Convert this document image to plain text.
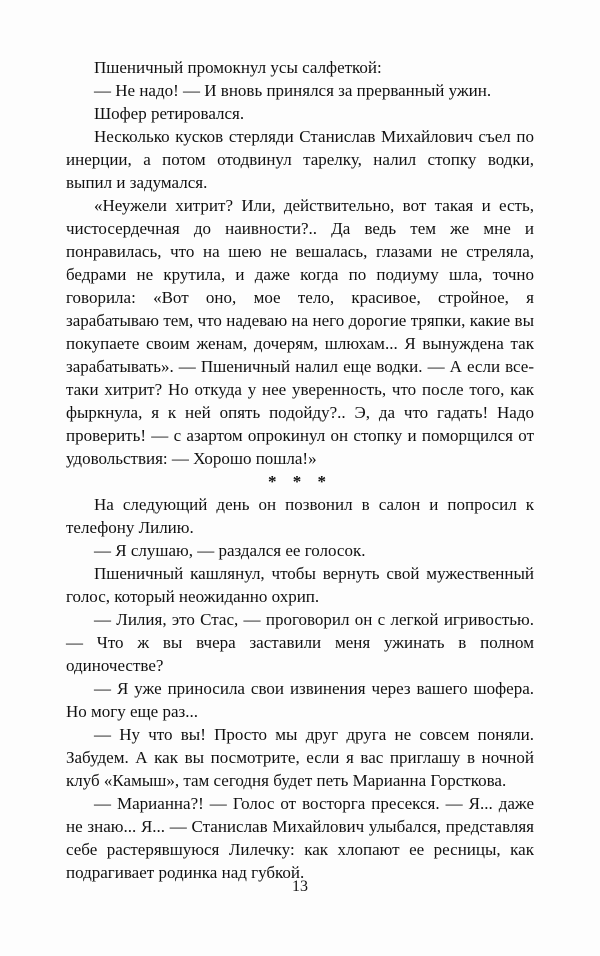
Пшеничный промокнул усы салфеткой:

— Не надо! — И вновь принялся за прерванный ужин.

Шофер ретировался.

Несколько кусков стерляди Станислав Михайлович съел по инерции, а потом отодвинул тарелку, налил стопку водки, выпил и задумался.

«Неужели хитрит? Или, действительно, вот такая и есть, чистосердечная до наивности?.. Да ведь тем же мне и понравилась, что на шею не вешалась, глазами не стреляла, бедрами не крутила, и даже когда по подиуму шла, точно говорила: «Вот оно, мое тело, красивое, стройное, я зарабатываю тем, что надеваю на него дорогие тряпки, какие вы покупаете своим женам, дочерям, шлюхам... Я вынуждена так зарабатывать». — Пшеничный налил еще водки. — А если все-таки хитрит? Но откуда у нее уверенность, что после того, как фыркнула, я к ней опять подойду?.. Э, да что гадать! Надо проверить! — с азартом опрокинул он стопку и поморщился от удовольствия: — Хорошо пошла!»

* * *

На следующий день он позвонил в салон и попросил к телефону Лилию.

— Я слушаю, — раздался ее голосок.

Пшеничный кашлянул, чтобы вернуть свой мужественный голос, который неожиданно охрип.

— Лилия, это Стас, — проговорил он с легкой игривостью. — Что ж вы вчера заставили меня ужинать в полном одиночестве?

— Я уже приносила свои извинения через вашего шофера. Но могу еще раз...

— Ну что вы! Просто мы друг друга не совсем поняли. Забудем. А как вы посмотрите, если я вас приглашу в ночной клуб «Камыш», там сегодня будет петь Марианна Горсткова.

— Марианна?! — Голос от восторга пресекся. — Я... даже не знаю... Я... — Станислав Михайлович улыбался, представляя себе растерявшуюся Лилечку: как хлопают ее ресницы, как подрагивает родинка над губкой.

13
